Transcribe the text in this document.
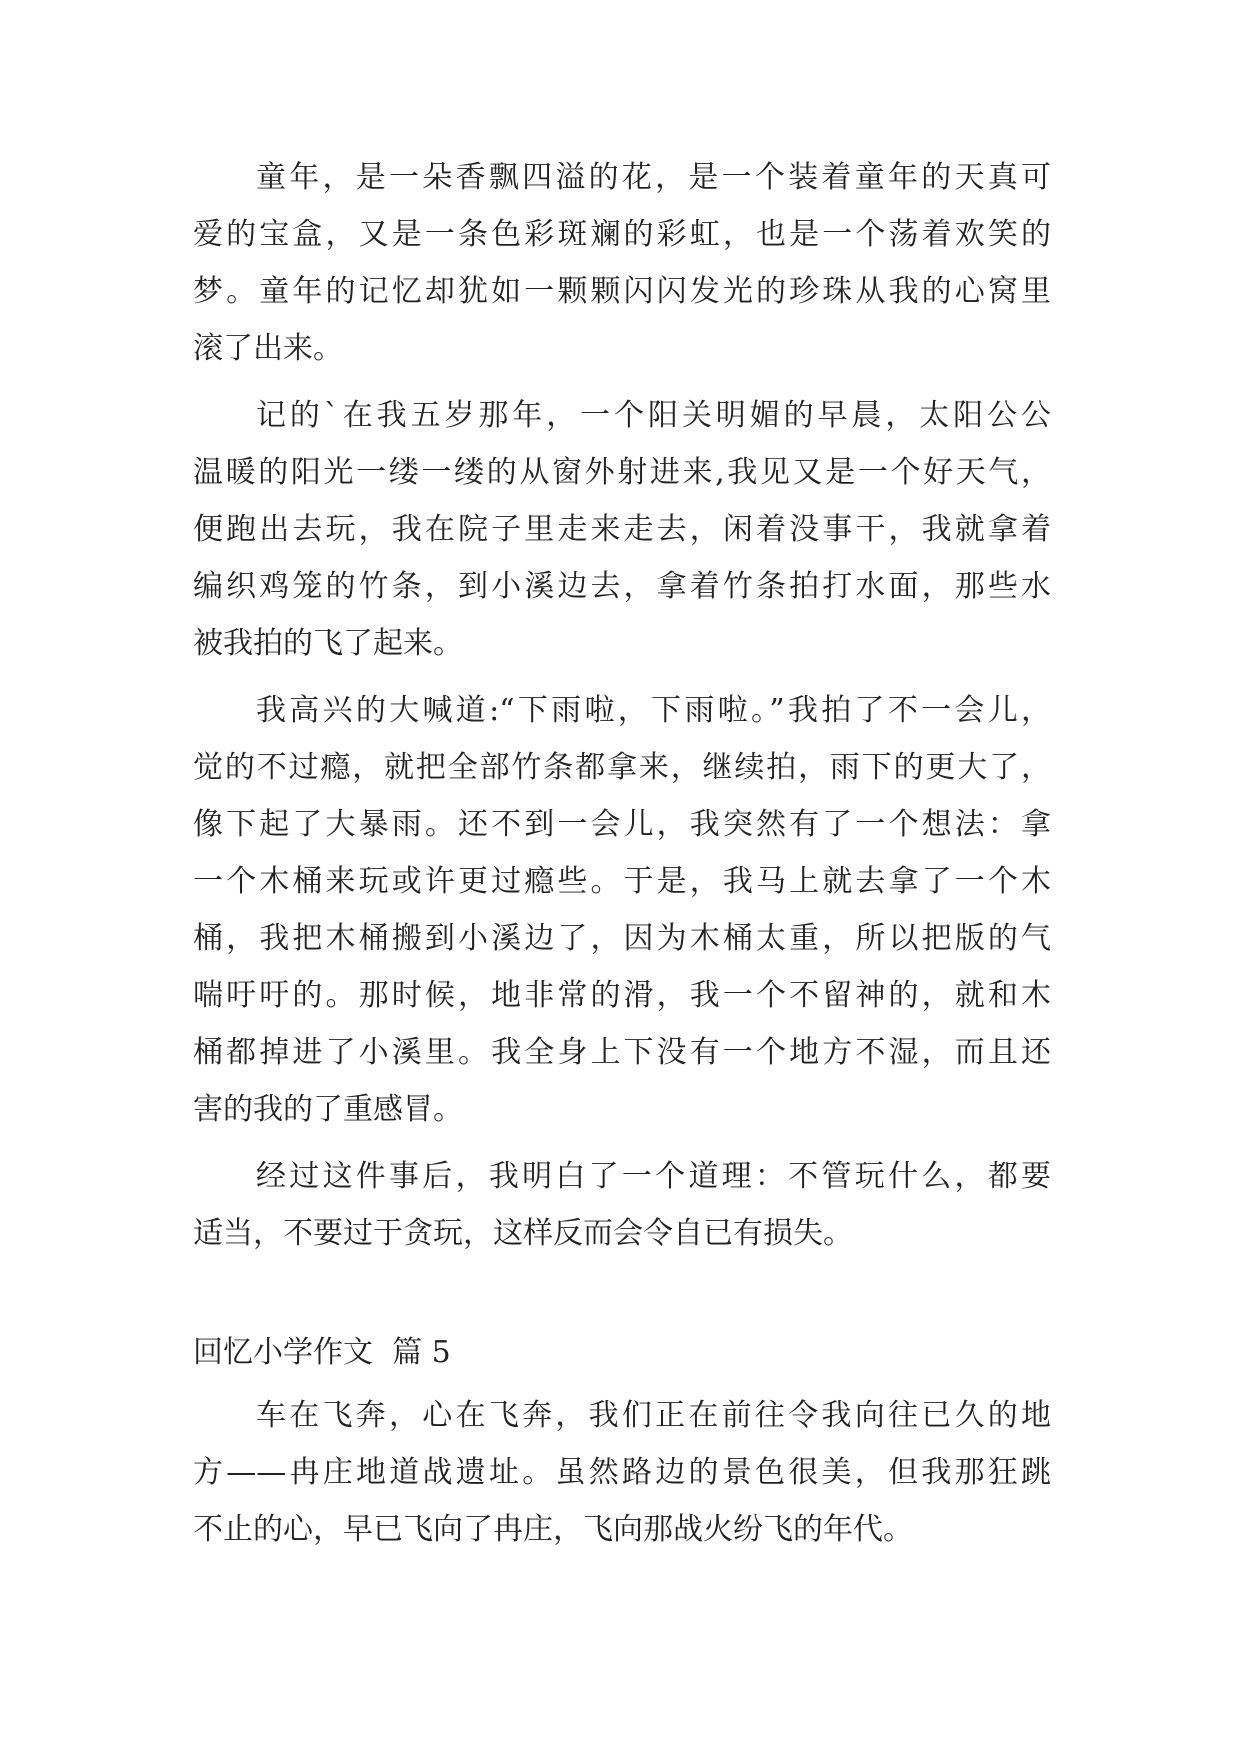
童年，是一朵香飘四溢的花，是一个装着童年的天真可
爱的宝盒，又是一条色彩斑斓的彩虹，也是一个荡着欢笑的
梦。童年的记忆却犹如一颗颗闪闪发光的珍珠从我的心窝里
滚了出来。
记的`在我五岁那年，一个阳关明媚的早晨，太阳公公
温暖的阳光一缕一缕的从窗外射进来,我见又是一个好天气，
便跑出去玩，我在院子里走来走去，闲着没事干，我就拿着
编织鸡笼的竹条，到小溪边去，拿着竹条拍打水面，那些水
被我拍的飞了起来。
我高兴的大喊道:“下雨啦，下雨啦。”我拍了不一会儿，
觉的不过瘾，就把全部竹条都拿来，继续拍，雨下的更大了，
像下起了大暴雨。还不到一会儿，我突然有了一个想法：拿
一个木桶来玩或许更过瘾些。于是，我马上就去拿了一个木
桶，我把木桶搬到小溪边了，因为木桶太重，所以把版的气
喘吁吁的。那时候，地非常的滑，我一个不留神的，就和木
桶都掉进了小溪里。我全身上下没有一个地方不湿，而且还
害的我的了重感冒。
经过这件事后，我明白了一个道理：不管玩什么，都要
适当，不要过于贪玩，这样反而会令自已有损失。
回忆小学作文  篇 5
车在飞奔，心在飞奔，我们正在前往令我向往已久的地
方——冉庄地道战遗址。虽然路边的景色很美，但我那狂跳
不止的心，早已飞向了冉庄，飞向那战火纷飞的年代。
